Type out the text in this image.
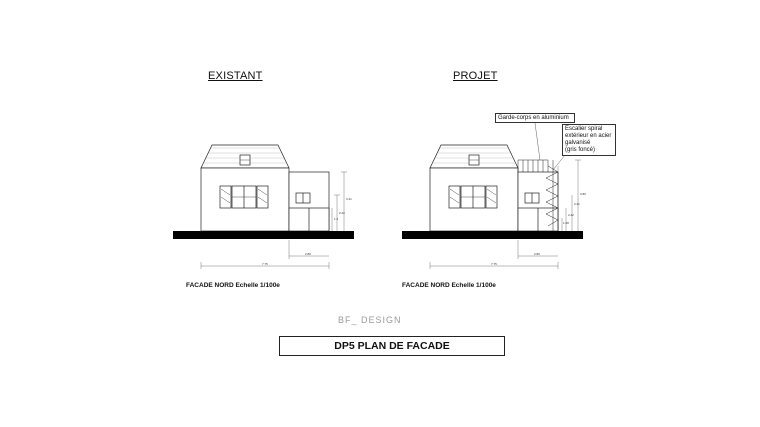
EXISTANT	PROJET
7.75
2.89
3.41
2.22
1.2
7.75
2.89
3.80
2.41
2.22
1.28
Garde-corps en aluminium
Escalier spiral
extérieur en acier
galvanisé
(gris foncé)
FACADE NORD Echelle 1/100e	FACADE NORD Echelle 1/100e
BF_ DESIGN
DP5 PLAN DE FACADE
